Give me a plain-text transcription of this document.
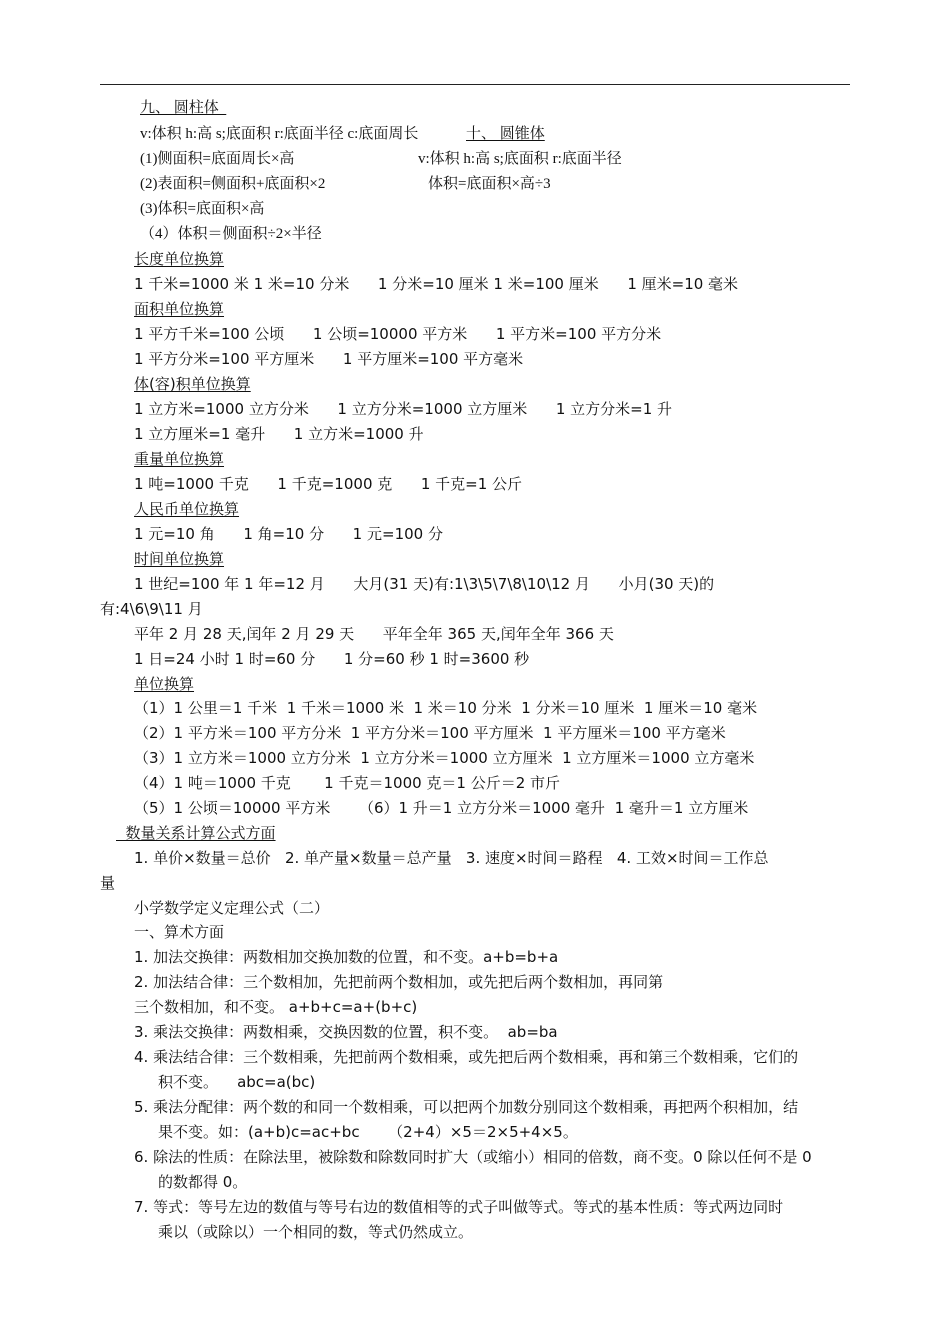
九、 圆柱体
v:体积 h:高 s;底面积 r:底面半径 c:底面周长	十、 圆锥体
(1)侧面积=底面周长×高	v:体积 h:高 s;底面积 r:底面半径
(2)表面积=侧面积+底面积×2	体积=底面积×高÷3
(3)体积=底面积×高
（4）体积＝侧面积÷2×半径
长度单位换算
1 千米=1000 米 1 米=10 分米      1 分米=10 厘米 1 米=100 厘米      1 厘米=10 毫米
面积单位换算
1 平方千米=100 公顷      1 公顷=10000 平方米      1 平方米=100 平方分米
1 平方分米=100 平方厘米      1 平方厘米=100 平方毫米
体(容)积单位换算
1 立方米=1000 立方分米      1 立方分米=1000 立方厘米      1 立方分米=1 升
1 立方厘米=1 毫升      1 立方米=1000 升
重量单位换算
1 吨=1000 千克      1 千克=1000 克      1 千克=1 公斤
人民币单位换算
1 元=10 角      1 角=10 分      1 元=100 分
时间单位换算
1 世纪=100 年 1 年=12 月      大月(31 天)有:1\3\5\7\8\10\12 月      小月(30 天)的
有:4\6\9\11 月
平年 2 月 28 天,闰年 2 月 29 天      平年全年 365 天,闰年全年 366 天
1 日=24 小时 1 时=60 分      1 分=60 秒 1 时=3600 秒
单位换算
（1）1 公里＝1 千米  1 千米＝1000 米  1 米＝10 分米  1 分米＝10 厘米  1 厘米＝10 毫米
（2）1 平方米＝100 平方分米  1 平方分米＝100 平方厘米  1 平方厘米＝100 平方毫米
（3）1 立方米＝1000 立方分米  1 立方分米＝1000 立方厘米  1 立方厘米＝1000 立方毫米
（4）1 吨＝1000 千克       1 千克＝1000 克＝1 公斤＝2 市斤
（5）1 公顷＝10000 平方米      （6）1 升＝1 立方分米＝1000 毫升  1 毫升＝1 立方厘米
数量关系计算公式方面
1. 单价×数量＝总价   2. 单产量×数量＝总产量   3. 速度×时间＝路程   4. 工效×时间＝工作总
量
小学数学定义定理公式（二）
一、算术方面
1. 加法交换律：两数相加交换加数的位置，和不变。a+b=b+a
2. 加法结合律：三个数相加，先把前两个数相加，或先把后两个数相加，再同第
三个数相加，和不变。 a+b+c=a+(b+c)
3. 乘法交换律：两数相乘，交换因数的位置，积不变。  ab=ba
4. 乘法结合律：三个数相乘，先把前两个数相乘，或先把后两个数相乘，再和第三个数相乘，它们的
积不变。    abc=a(bc)
5. 乘法分配律：两个数的和同一个数相乘，可以把两个加数分别同这个数相乘，再把两个积相加，结
果不变。如：(a+b)c=ac+bc      （2+4）×5＝2×5+4×5。
6. 除法的性质：在除法里，被除数和除数同时扩大（或缩小）相同的倍数，商不变。0 除以任何不是 0
的数都得 0。
7. 等式：等号左边的数值与等号右边的数值相等的式子叫做等式。等式的基本性质：等式两边同时
乘以（或除以）一个相同的数，等式仍然成立。
